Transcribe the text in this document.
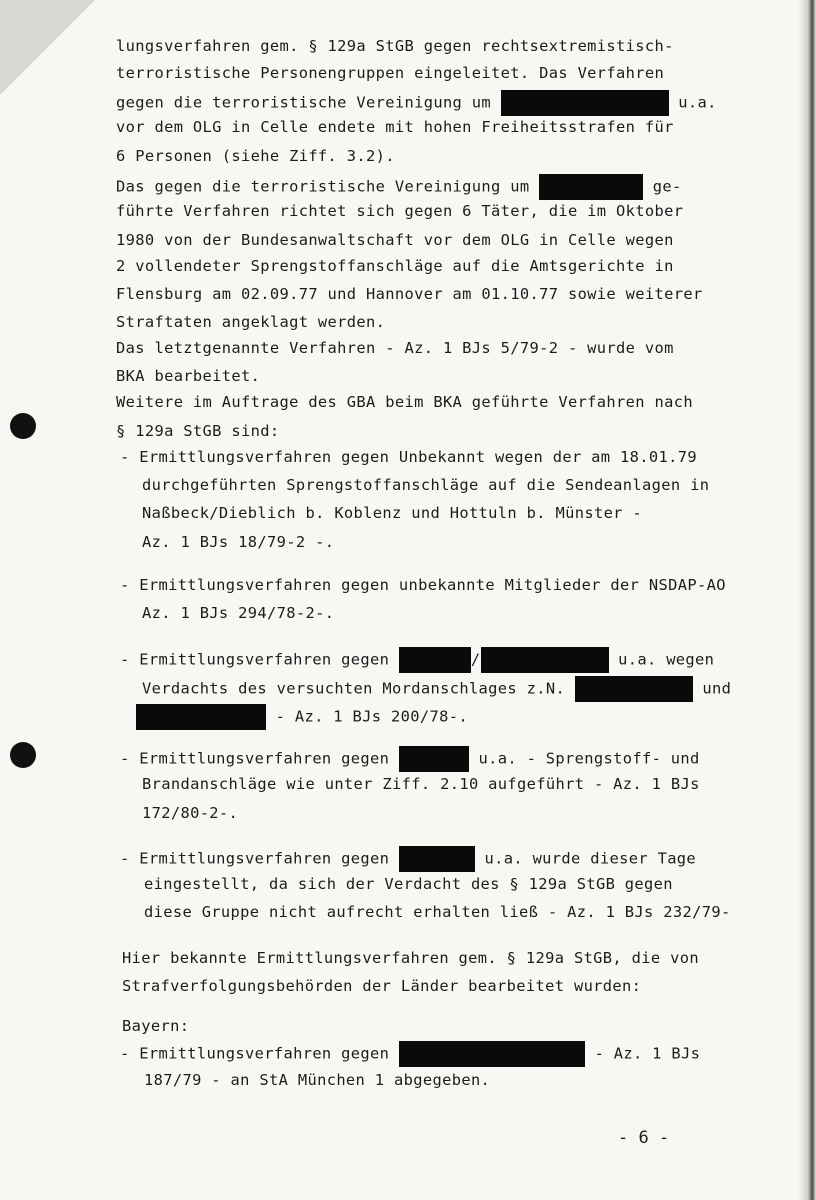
lungsverfahren gem. § 129a StGB gegen rechtsextremistisch-
terroristische Personengruppen eingeleitet. Das Verfahren
gegen die terroristische Vereinigung um	u.a.
vor dem OLG in Celle endete mit hohen Freiheitsstrafen für
6 Personen (siehe Ziff. 3.2).
Das gegen die terroristische Vereinigung um	ge-
führte Verfahren richtet sich gegen 6 Täter, die im Oktober
1980 von der Bundesanwaltschaft vor dem OLG in Celle wegen
2 vollendeter Sprengstoffanschläge auf die Amtsgerichte in
Flensburg am 02.09.77 und Hannover am 01.10.77 sowie weiterer
Straftaten angeklagt werden.
Das letztgenannte Verfahren - Az. 1 BJs 5/79-2 - wurde vom
BKA bearbeitet.
Weitere im Auftrage des GBA beim BKA geführte Verfahren nach
§ 129a StGB sind:
- Ermittlungsverfahren gegen Unbekannt wegen der am 18.01.79
durchgeführten Sprengstoffanschläge auf die Sendeanlagen in
Naßbeck/Dieblich b. Koblenz und Hottuln b. Münster -
Az. 1 BJs 18/79-2 -.
- Ermittlungsverfahren gegen unbekannte Mitglieder der NSDAP-AO
Az. 1 BJs 294/78-2-.
- Ermittlungsverfahren gegen	/	u.a. wegen
Verdachts des versuchten Mordanschlages z.N.	und
- Az. 1 BJs 200/78-.
- Ermittlungsverfahren gegen	u.a. - Sprengstoff- und
Brandanschläge wie unter Ziff. 2.10 aufgeführt - Az. 1 BJs
172/80-2-.
- Ermittlungsverfahren gegen	u.a. wurde dieser Tage
eingestellt, da sich der Verdacht des § 129a StGB gegen
diese Gruppe nicht aufrecht erhalten ließ - Az. 1 BJs 232/79-
Hier bekannte Ermittlungsverfahren gem. § 129a StGB, die von
Strafverfolgungsbehörden der Länder bearbeitet wurden:
Bayern:
- Ermittlungsverfahren gegen	- Az. 1 BJs
187/79 - an StA München 1 abgegeben.
- 6 -
